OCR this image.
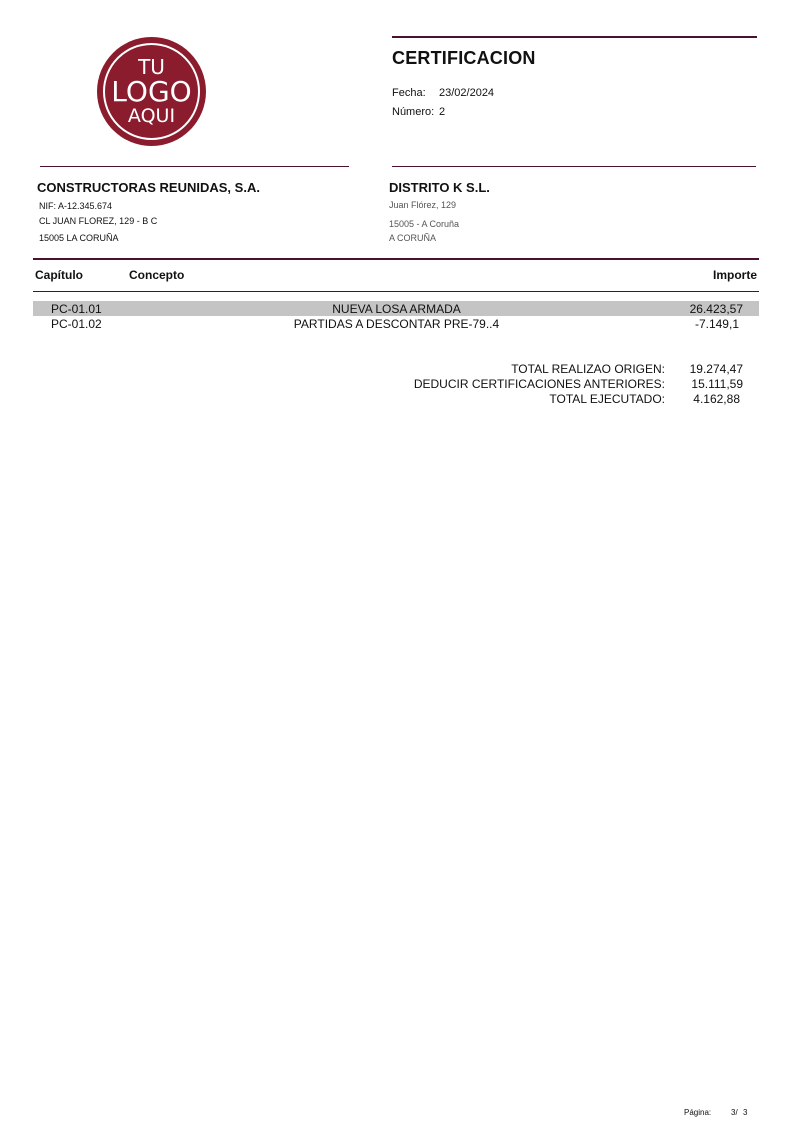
TU
LOGO
AQUI
CERTIFICACION
Fecha: 23/02/2024
Número: 2
CONSTRUCTORAS REUNIDAS, S.A.
NIF: A-12.345.674
CL JUAN FLOREZ, 129 - B C
15005 LA CORUÑA
DISTRITO K S.L.
Juan Flórez, 129
15005 - A Coruña
A CORUÑA
Capítulo	Concepto	Importe
PC-01.01	NUEVA LOSA ARMADA	26.423,57
PC-01.02	PARTIDAS A DESCONTAR PRE-79..4	-7.149,1
TOTAL REALIZAO ORIGEN:	19.274,47
DEDUCIR CERTIFICACIONES ANTERIORES:	15.111,59
TOTAL EJECUTADO:	4.162,88
Página: 3/ 3
